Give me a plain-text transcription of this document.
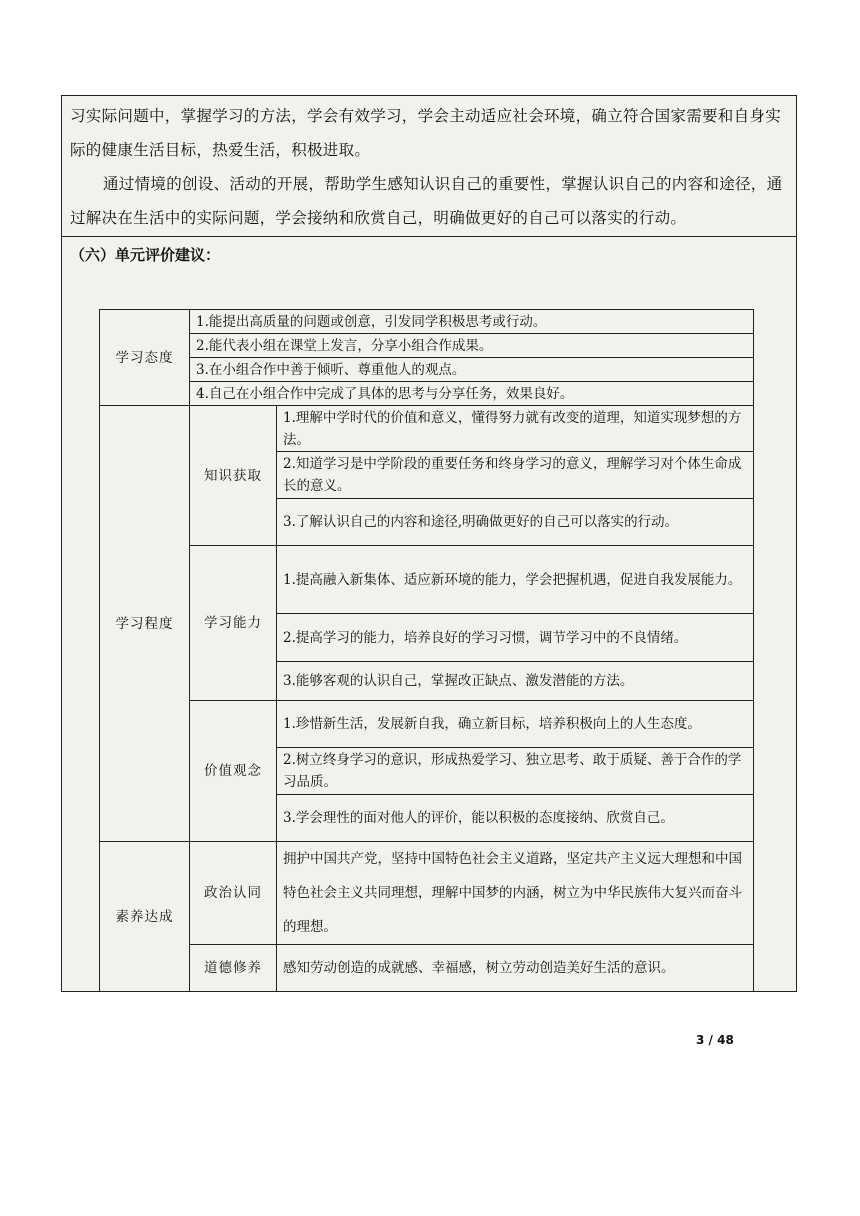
习实际问题中，掌握学习的方法，学会有效学习，学会主动适应社会环境，确立符合国家需要和自身实际的健康生活目标，热爱生活，积极进取。
通过情境的创设、活动的开展，帮助学生感知认识自己的重要性，掌握认识自己的内容和途径，通过解决在生活中的实际问题，学会接纳和欣赏自己，明确做更好的自己可以落实的行动。
（六）单元评价建议：
学习态度	1.能提出高质量的问题或创意，引发同学积极思考或行动。	
	2.能代表小组在课堂上发言，分享小组合作成果。	
	3.在小组合作中善于倾听、尊重他人的观点。	
	4.自己在小组合作中完成了具体的思考与分享任务，效果良好。	
学习程度	知识获取	1.理解中学时代的价值和意义，懂得努力就有改变的道理，知道实现梦想的方法。
		2.知道学习是中学阶段的重要任务和终身学习的意义，理解学习对个体生命成长的意义。
		3.了解认识自己的内容和途径,明确做更好的自己可以落实的行动。
	学习能力	1.提高融入新集体、适应新环境的能力，学会把握机遇，促进自我发展能力。
		2.提高学习的能力，培养良好的学习习惯，调节学习中的不良情绪。
		3.能够客观的认识自己，掌握改正缺点、激发潜能的方法。
	价值观念	1.珍惜新生活，发展新自我，确立新目标，培养积极向上的人生态度。
		2.树立终身学习的意识，形成热爱学习、独立思考、敢于质疑、善于合作的学习品质。
		3.学会理性的面对他人的评价，能以积极的态度接纳、欣赏自己。
素养达成	政治认同	拥护中国共产党，坚持中国特色社会主义道路，坚定共产主义远大理想和中国特色社会主义共同理想，理解中国梦的内涵，树立为中华民族伟大复兴而奋斗的理想。
	道德修养	感知劳动创造的成就感、幸福感，树立劳动创造美好生活的意识。
3 / 48
